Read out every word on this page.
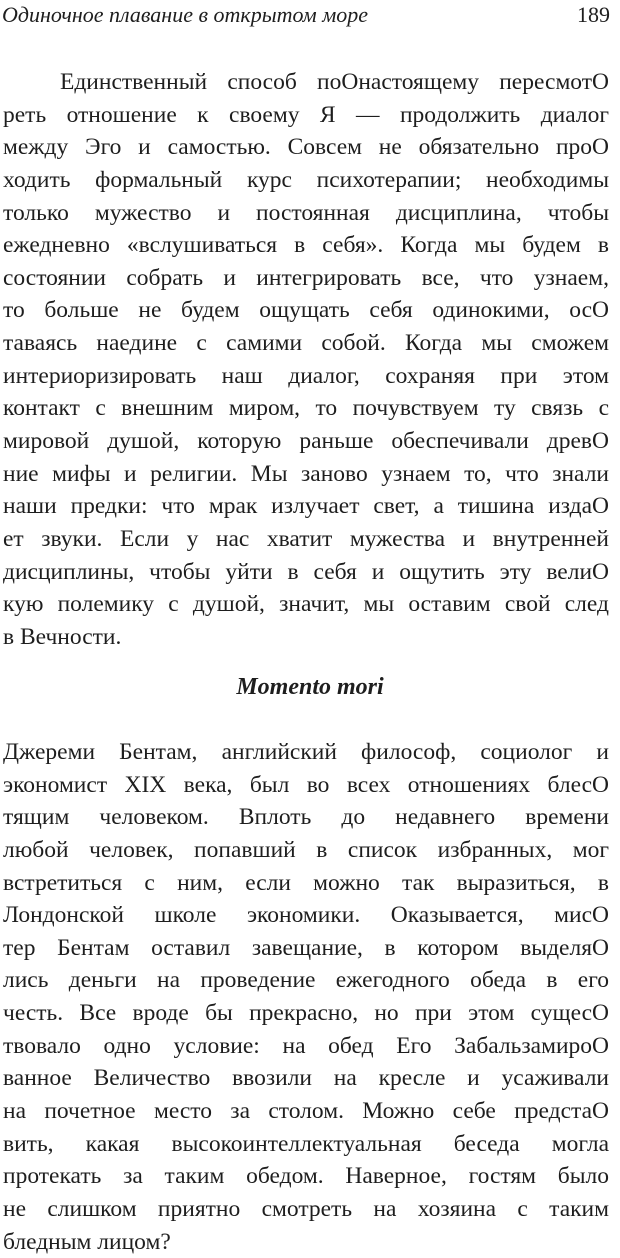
Одиночное плавание в открытом море	189
Единственный способ поОнастоящему пересмотО
реть отношение к своему Я — продолжить диалог
между Эго и самостью. Совсем не обязательно проО
ходить формальный курс психотерапии; необходимы
только мужество и постоянная дисциплина, чтобы
ежедневно «вслушиваться в себя». Когда мы будем в
состоянии собрать и интегрировать все, что узнаем,
то больше не будем ощущать себя одинокими, осО
таваясь наедине с самими собой. Когда мы сможем
интериоризировать наш диалог, сохраняя при этом
контакт с внешним миром, то почувствуем ту связь с
мировой душой, которую раньше обеспечивали древО
ние мифы и религии. Мы заново узнаем то, что знали
наши предки: что мрак излучает свет, а тишина издаО
ет звуки. Если у нас хватит мужества и внутренней
дисциплины, чтобы уйти в себя и ощутить эту велиО
кую полемику с душой, значит, мы оставим свой след
в Вечности.
Momento mori
Джереми Бентам, английский философ, социолог и
экономист XIX века, был во всех отношениях блесО
тящим человеком. Вплоть до недавнего времени
любой человек, попавший в список избранных, мог
встретиться с ним, если можно так выразиться, в
Лондонской школе экономики. Оказывается, мисО
тер Бентам оставил завещание, в котором выделяО
лись деньги на проведение ежегодного обеда в его
честь. Все вроде бы прекрасно, но при этом сущесО
твовало одно условие: на обед Его ЗабальзамироО
ванное Величество ввозили на кресле и усаживали
на почетное место за столом. Можно себе предстаО
вить, какая высокоинтеллектуальная беседа могла
протекать за таким обедом. Наверное, гостям было
не слишком приятно смотреть на хозяина с таким
бледным лицом?
